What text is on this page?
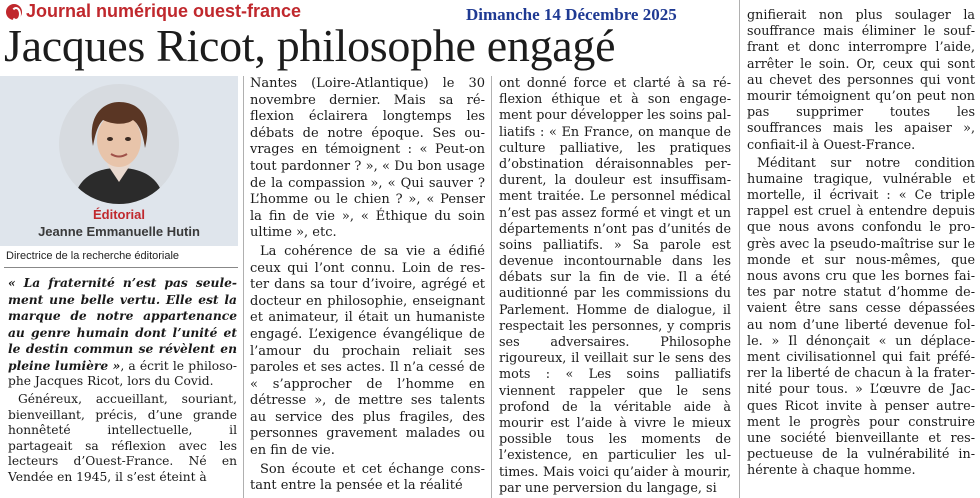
Journal numérique ouest-france	Dimanche 14 Décembre 2025
Jacques Ricot, philosophe engagé
Éditorial
Jeanne Emmanuelle Hutin
Directrice de la recherche éditoriale

« La fraternité n’est pas seulement une belle vertu. Elle est la marque de notre appartenance au genre humain dont l’unité et le destin commun se révèlent en pleine lumière », a écrit le philosophe Jacques Ricot, lors du Covid.

Généreux, accueillant, souriant, bienveillant, précis, d’une grande honnêteté intellectuelle, il partageait sa réflexion avec les lecteurs d’Ouest-France. Né en Vendée en 1945, il s’est éteint à

Nantes (Loire-Atlantique) le 30 novembre dernier. Mais sa réflexion éclairera longtemps les débats de notre époque. Ses ouvrages en témoignent : « Peut-on tout pardonner ? », « Du bon usage de la compassion », « Qui sauver ? L’homme ou le chien ? », « Penser la fin de vie », « Éthique du soin ultime », etc.

La cohérence de sa vie a édifié ceux qui l’ont connu. Loin de rester dans sa tour d’ivoire, agrégé et docteur en philosophie, enseignant et animateur, il était un humaniste engagé. L’exigence évangélique de l’amour du prochain reliait ses paroles et ses actes. Il n’a cessé de « s’approcher de l’homme en détresse », de mettre ses talents au service des plus fragiles, des personnes gravement malades ou en fin de vie.

Son écoute et cet échange constant entre la pensée et la réalité

ont donné force et clarté à sa réflexion éthique et à son engagement pour développer les soins palliatifs : « En France, on manque de culture palliative, les pratiques d’obstination déraisonnables perdurent, la douleur est insuffisamment traitée. Le personnel médical n’est pas assez formé et vingt et un départements n’ont pas d’unités de soins palliatifs. » Sa parole est devenue incontournable dans les débats sur la fin de vie. Il a été auditionné par les commissions du Parlement. Homme de dialogue, il respectait les personnes, y compris ses adversaires. Philosophe rigoureux, il veillait sur le sens des mots : « Les soins palliatifs viennent rappeler que le sens profond de la véritable aide à mourir est l’aide à vivre le mieux possible tous les moments de l’existence, en particulier les ultimes. Mais voici qu’aider à mourir, par une perversion du langage, si

gnifierait non plus soulager la souffrance mais éliminer le souffrant et donc interrompre l’aide, arrêter le soin. Or, ceux qui sont au chevet des personnes qui vont mourir témoignent qu’on peut non pas supprimer toutes les souffrances mais les apaiser », confiait-il à Ouest-France.

Méditant sur notre condition humaine tragique, vulnérable et mortelle, il écrivait : « Ce triple rappel est cruel à entendre depuis que nous avons confondu le progrès avec la pseudo-maîtrise sur le monde et sur nous-mêmes, que nous avons cru que les bornes faites par notre statut d’homme devaient être sans cesse dépassées au nom d’une liberté devenue folle. » Il dénonçait « un déplacement civilisationnel qui fait préférer la liberté de chacun à la fraternité pour tous. » L’œuvre de Jacques Ricot invite à penser autrement le progrès pour construire une société bienveillante et respectueuse de la vulnérabilité inhérente à chaque homme.
